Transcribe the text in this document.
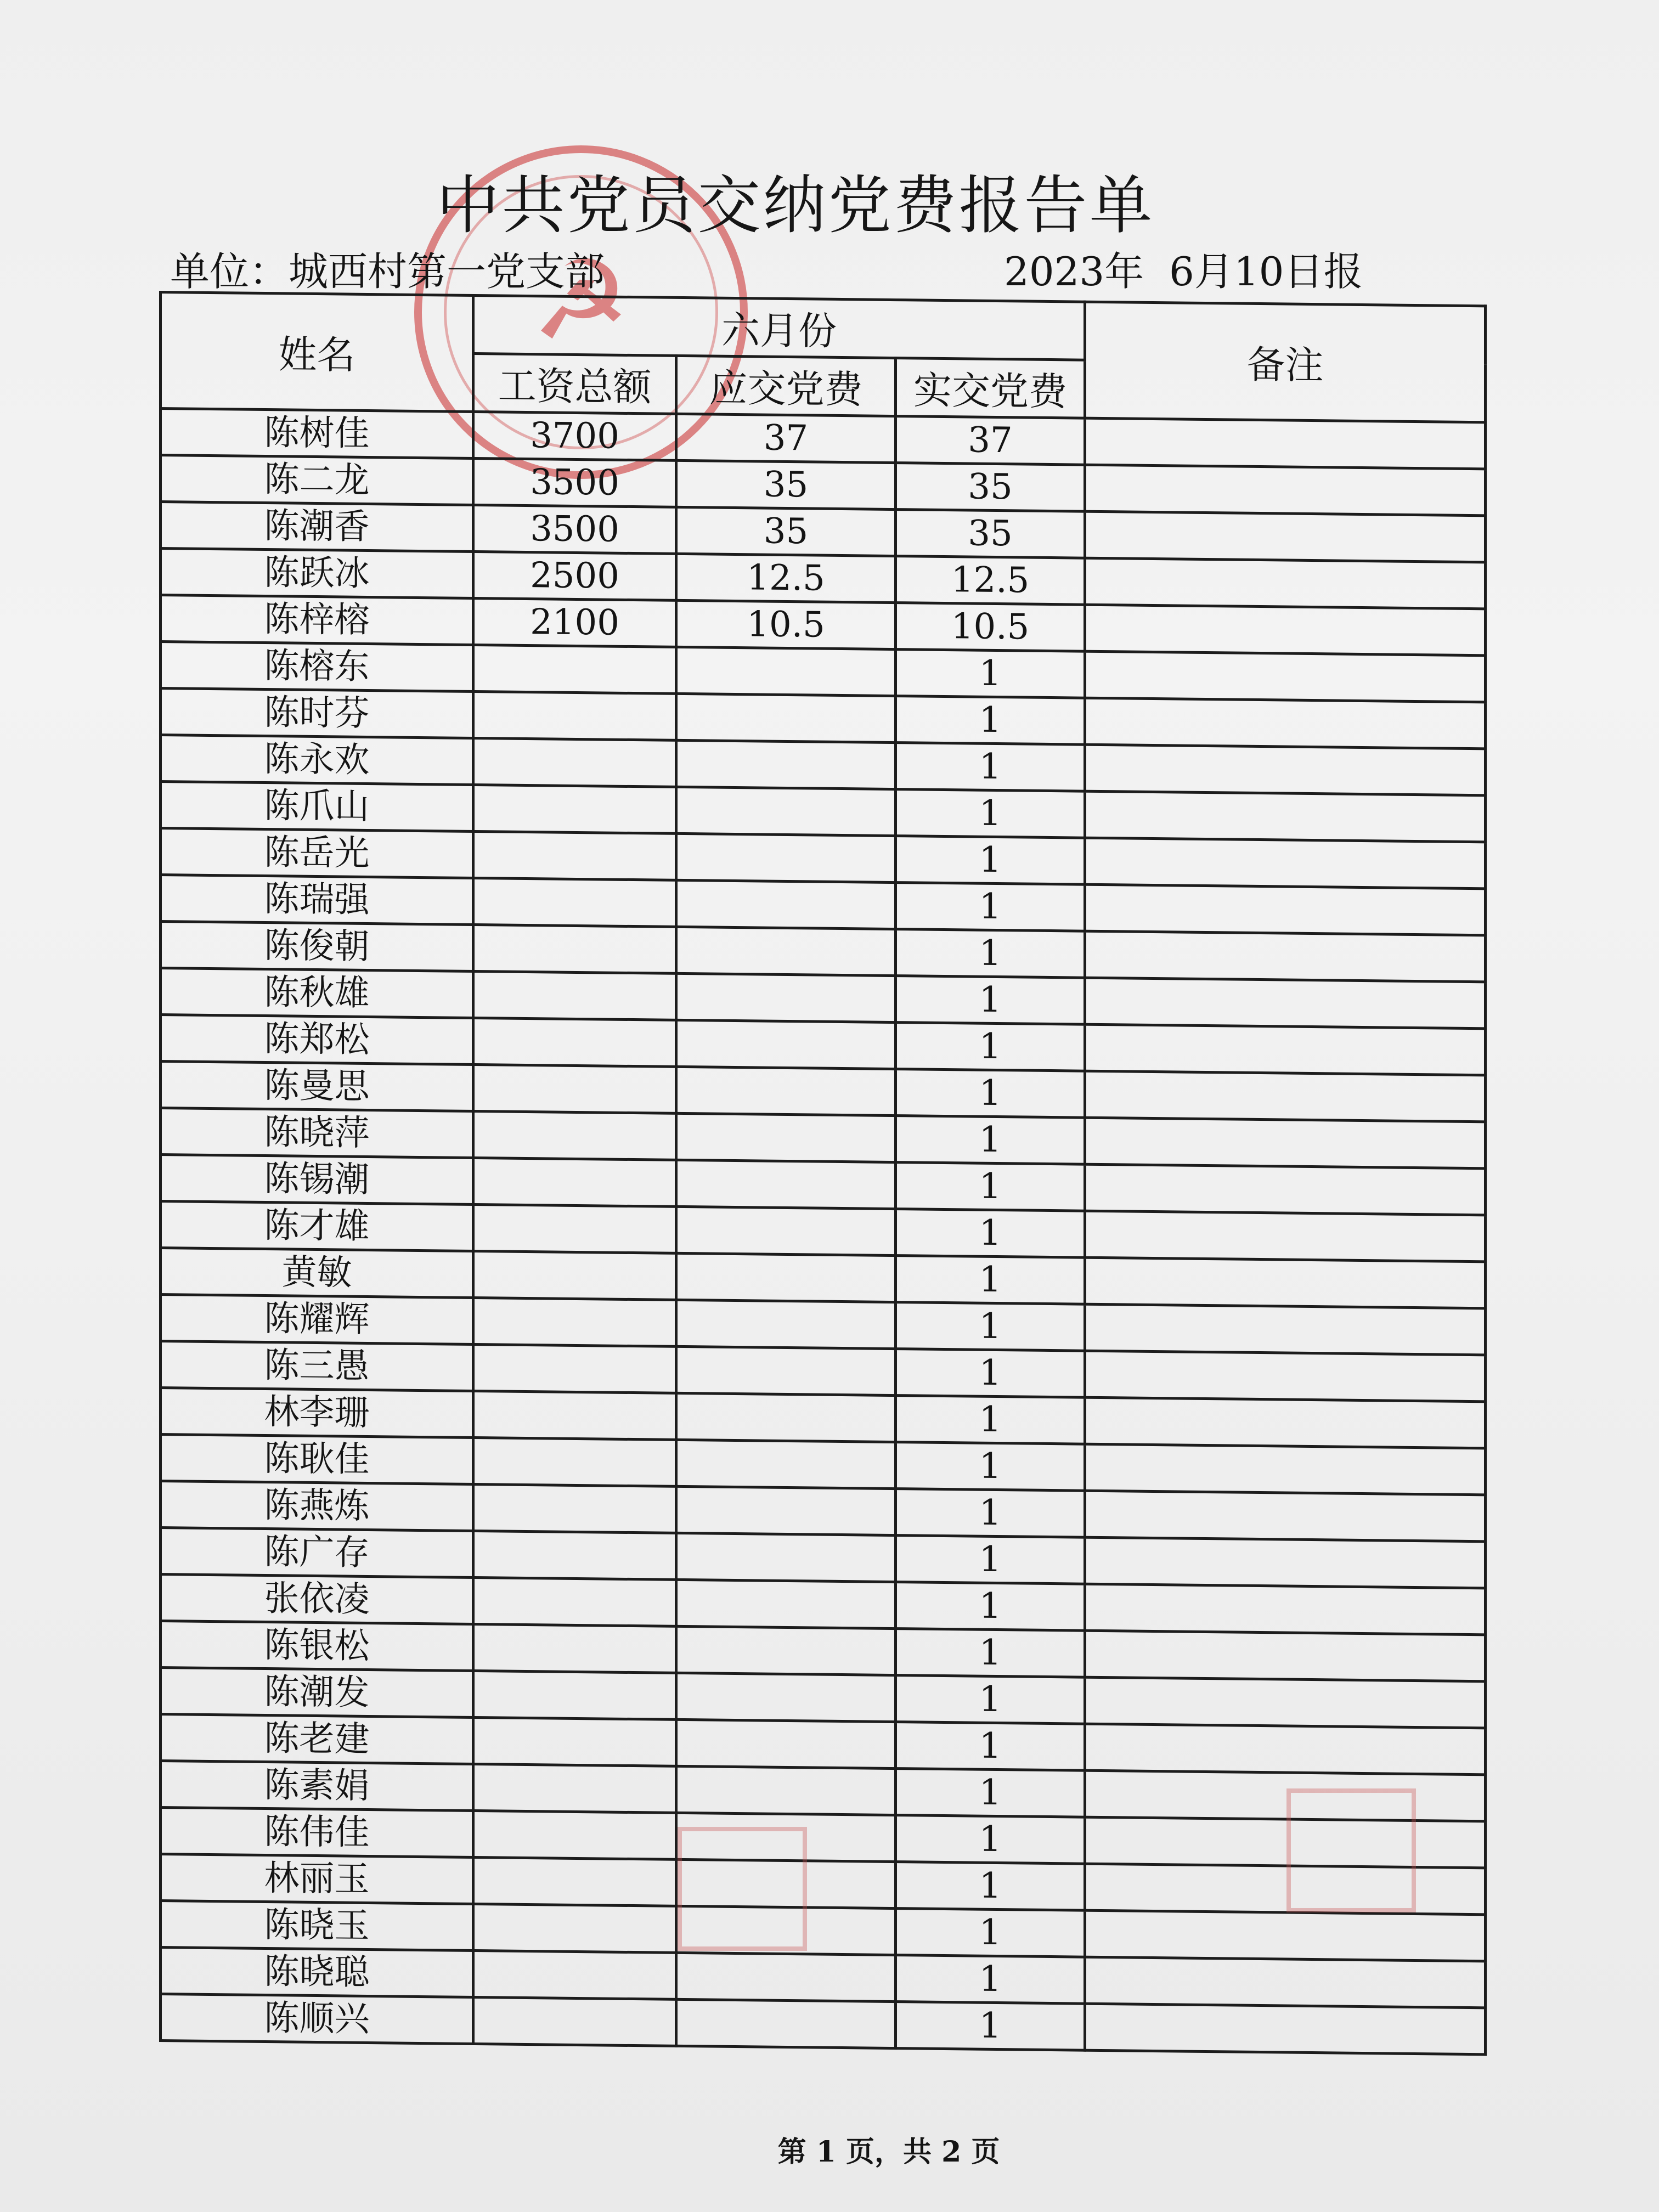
☭
中共党员交纳党费报告单
单位：城西村第一党支部	2023年  6月10日报
姓名	六月份			备注
	工资总额	应交党费	实交党费	
陈树佳	3700	37	37	
陈二龙	3500	35	35	
陈潮香	3500	35	35	
陈跃冰	2500	12.5	12.5	
陈梓榕	2100	10.5	10.5	
陈榕东			1	
陈时芬			1	
陈永欢			1	
陈爪山			1	
陈岳光			1	
陈瑞强			1	
陈俊朝			1	
陈秋雄			1	
陈郑松			1	
陈曼思			1	
陈晓萍			1	
陈锡潮			1	
陈才雄			1	
黄敏			1	
陈耀辉			1	
陈三愚			1	
林李珊			1	
陈耿佳			1	
陈燕炼			1	
陈广存			1	
张依凌			1	
陈银松			1	
陈潮发			1	
陈老建			1	
陈素娟			1	
陈伟佳			1	
林丽玉			1	
陈晓玉			1	
陈晓聪			1	
陈顺兴			1	
第 1 页，共 2 页
